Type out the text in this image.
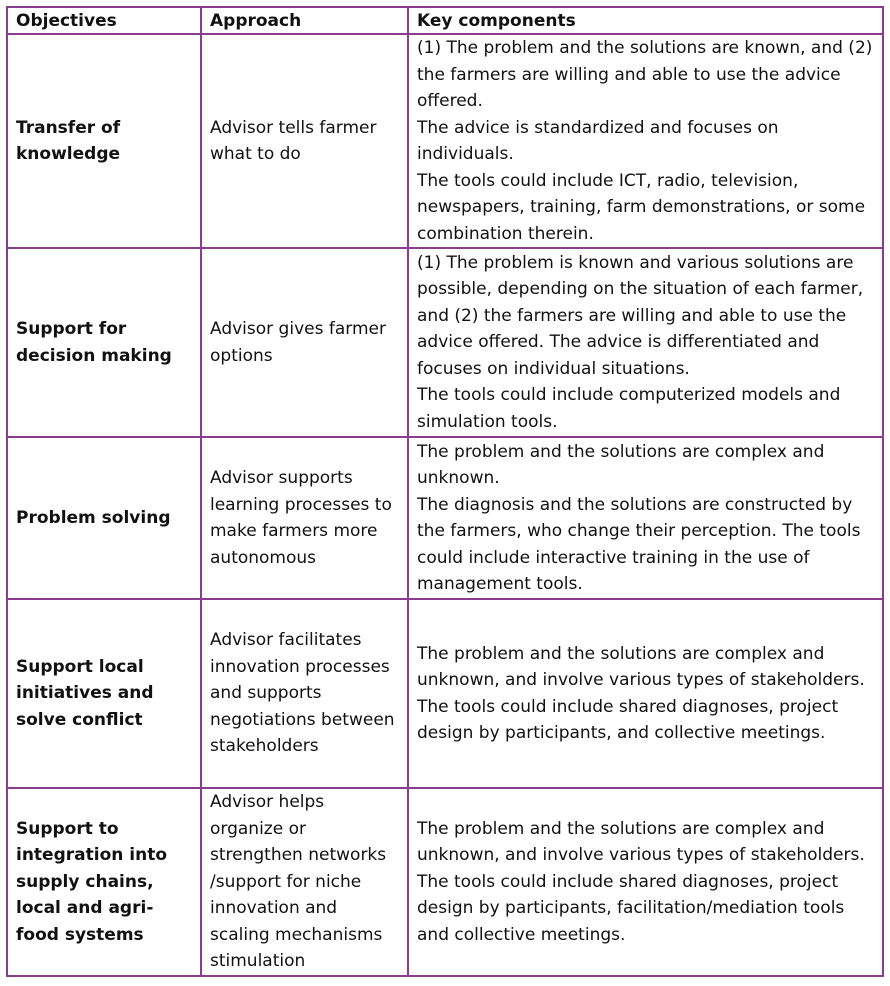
Objectives	Approach	Key components
Transfer of knowledge	Advisor tells farmer what to do	(1) The problem and the solutions are known, and (2) the farmers are willing and able to use the advice offered.
The advice is standardized and focuses on individuals.
The tools could include ICT, radio, television, newspapers, training, farm demonstrations, or some combination therein.

Support for decision making	Advisor gives farmer options	(1) The problem is known and various solutions are possible, depending on the situation of each farmer, and (2) the farmers are willing and able to use the advice offered. The advice is differentiated and focuses on individual situations.
The tools could include computerized models and simulation tools.

Problem solving	Advisor supports learning processes to make farmers more autonomous	The problem and the solutions are complex and unknown.
The diagnosis and the solutions are constructed by the farmers, who change their perception. The tools could include interactive training in the use of management tools.

Support local initiatives and solve conflict	Advisor facilitates innovation processes and supports negotiations between stakeholders	The problem and the solutions are complex and unknown, and involve various types of stakeholders.
The tools could include shared diagnoses, project design by participants, and collective meetings.

Support to integration into supply chains, local and agri-food systems	Advisor helps organize or strengthen networks /support for niche innovation and scaling mechanisms stimulation	The problem and the solutions are complex and unknown, and involve various types of stakeholders.
The tools could include shared diagnoses, project design by participants, facilitation/mediation tools and collective meetings.
